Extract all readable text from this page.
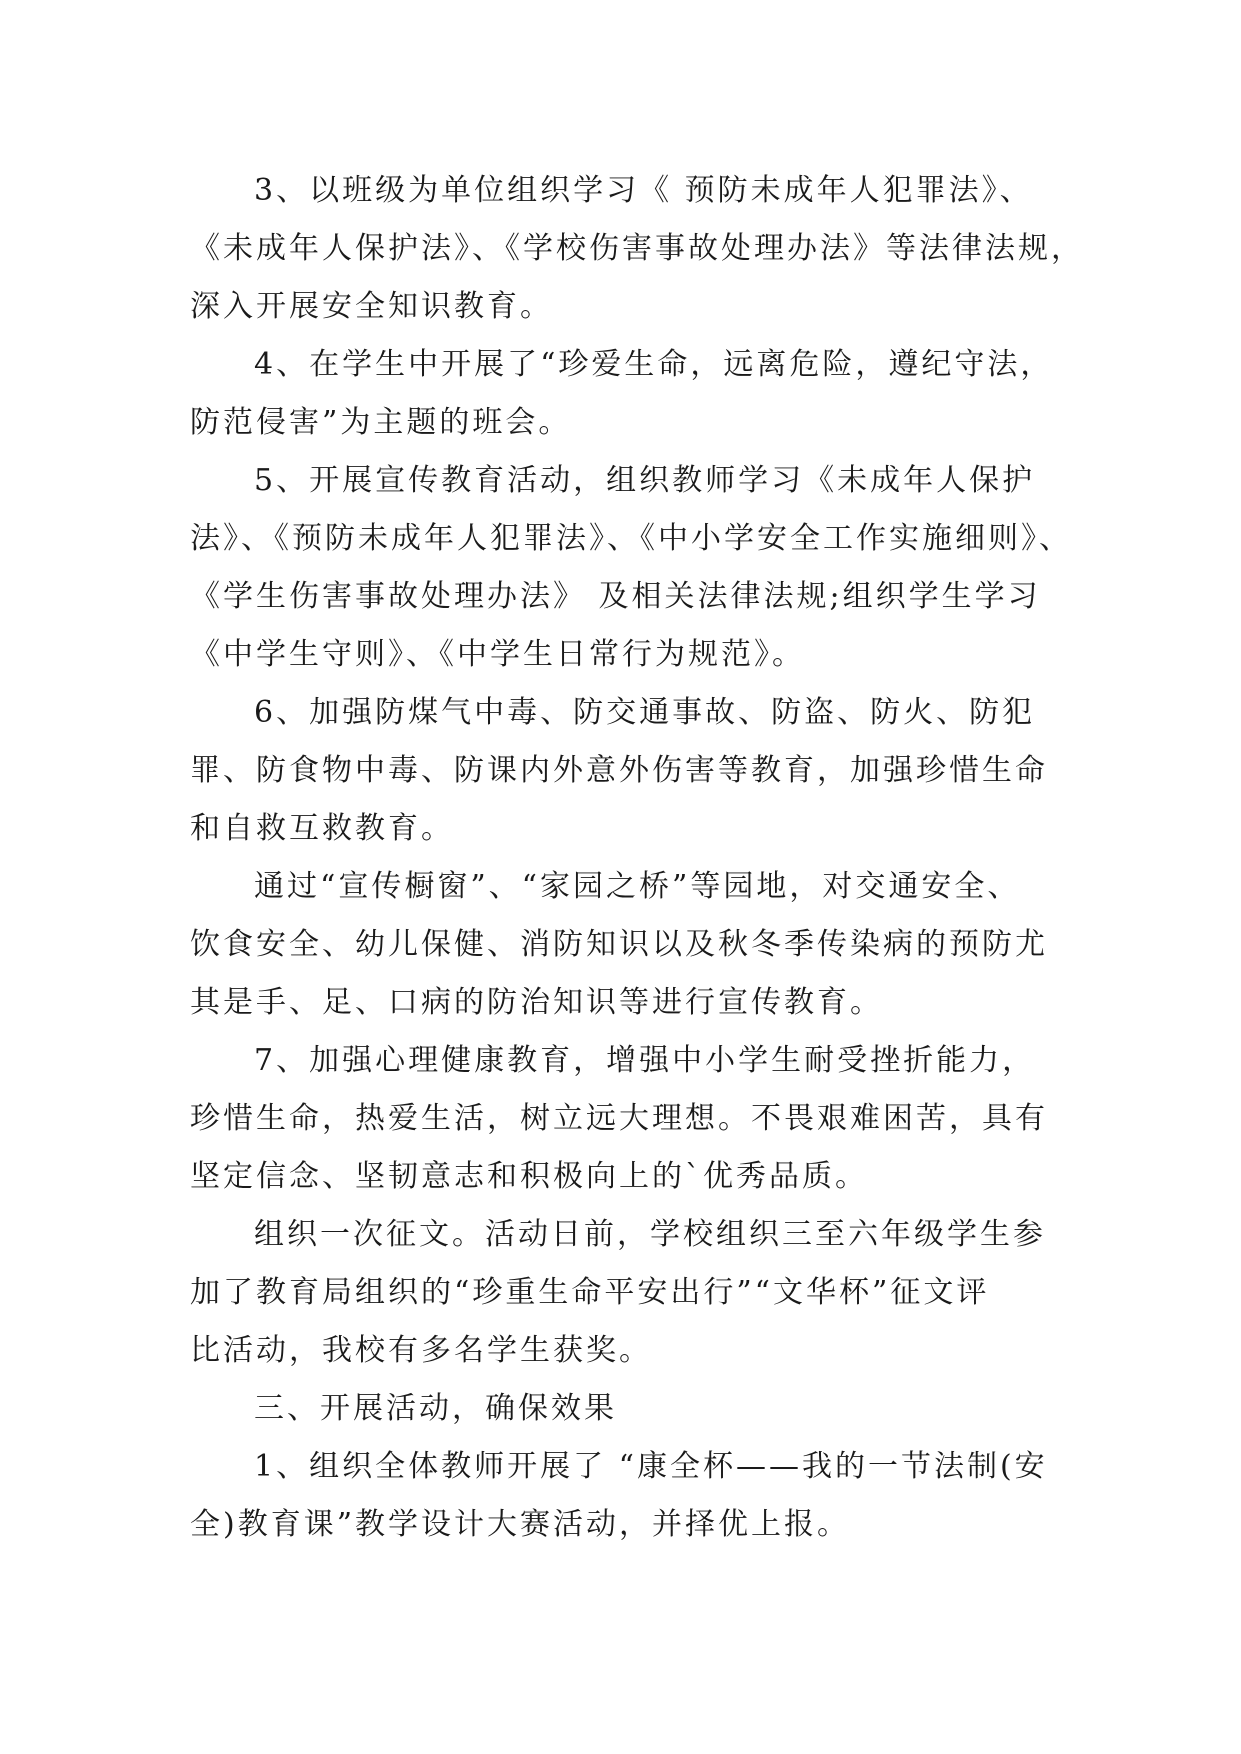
3、以班级为单位组织学习《 预防未成年人犯罪法》、
《未成年人保护法》、《学校伤害事故处理办法》等法律法规，
深入开展安全知识教育。
4、在学生中开展了“珍爱生命，远离危险，遵纪守法，
防范侵害”为主题的班会。
5、开展宣传教育活动，组织教师学习《未成年人保护
法》、《预防未成年人犯罪法》、《中小学安全工作实施细则》、
《学生伤害事故处理办法》 及相关法律法规;组织学生学习
《中学生守则》、《中学生日常行为规范》。
6、加强防煤气中毒、防交通事故、防盗、防火、防犯
罪、防食物中毒、防课内外意外伤害等教育，加强珍惜生命
和自救互救教育。
通过“宣传橱窗”、“家园之桥”等园地，对交通安全、
饮食安全、幼儿保健、消防知识以及秋冬季传染病的预防尤
其是手、足、口病的防治知识等进行宣传教育。
7、加强心理健康教育，增强中小学生耐受挫折能力，
珍惜生命，热爱生活，树立远大理想。不畏艰难困苦，具有
坚定信念、坚韧意志和积极向上的`优秀品质。
组织一次征文。活动日前，学校组织三至六年级学生参
加了教育局组织的“珍重生命平安出行”“文华杯”征文评
比活动，我校有多名学生获奖。
三、开展活动，确保效果
1、组织全体教师开展了 “康全杯——我的一节法制(安
全)教育课”教学设计大赛活动，并择优上报。
